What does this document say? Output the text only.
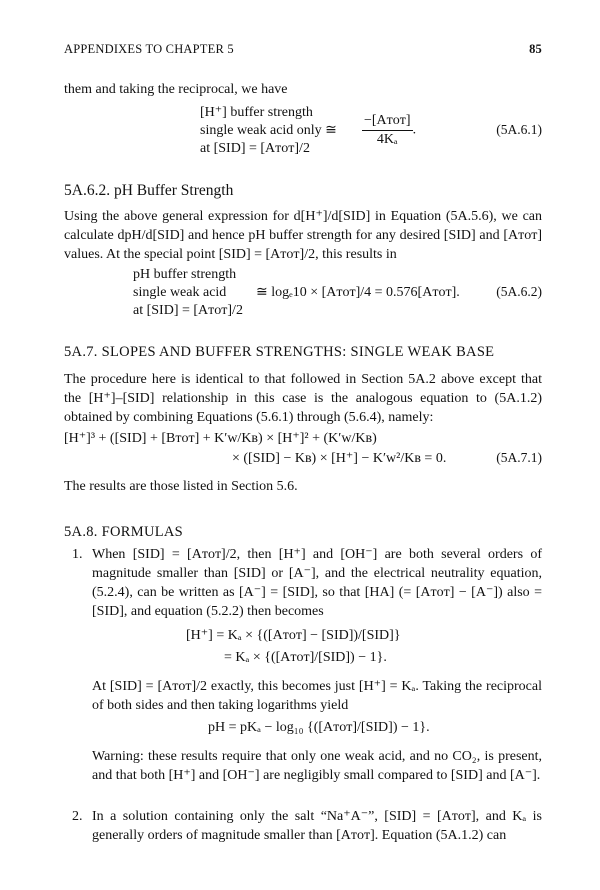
APPENDIXES TO CHAPTER 5	85
them and taking the reciprocal, we have
[H⁺] buffer strength
single weak acid only ≅
at [SID] = [Aᴛᴏᴛ]/2	$\frac{\text{−[Aᴛᴏᴛ]}}{\text{4Kₐ}}$ .	(5A.6.1)
5A.6.2. pH Buffer Strength
Using the above general expression for d[H⁺]/d[SID] in Equation (5A.5.6), we can calculate dpH/d[SID] and hence pH buffer strength for any desired [SID] and [Aᴛᴏᴛ] values. At the special point [SID] = [Aᴛᴏᴛ]/2, this results in
pH buffer strength
single weak acid
at [SID] = [Aᴛᴏᴛ]/2
≅ logₑ10 × [Aᴛᴏᴛ]/4 = 0.576[Aᴛᴏᴛ].	(5A.6.2)
5A.7. SLOPES AND BUFFER STRENGTHS: SINGLE WEAK BASE
The procedure here is identical to that followed in Section 5A.2 above except that the [H⁺]–[SID] relationship in this case is the analogous equation to (5A.1.2) obtained by combining Equations (5.6.1) through (5.6.4), namely:
[H⁺]³ + ([SID] + [Bᴛᴏᴛ] + K′w/Kʙ) × [H⁺]² + (K′w/Kʙ)
× ([SID] − Kʙ) × [H⁺] − K′w²/Kʙ = 0.	(5A.7.1)
The results are those listed in Section 5.6.
5A.8. FORMULAS
1. When [SID] = [Aᴛᴏᴛ]/2, then [H⁺] and [OH⁻] are both several orders of magnitude smaller than [SID] or [A⁻], and the electrical neutrality equation, (5.2.4), can be written as [A⁻] = [SID], so that [HA] (= [Aᴛᴏᴛ] − [A⁻]) also = [SID], and equation (5.2.2) then becomes
[H⁺] = Kₐ × {([Aᴛᴏᴛ] − [SID])/[SID]}
= Kₐ × {([Aᴛᴏᴛ]/[SID]) − 1}.
At [SID] = [Aᴛᴏᴛ]/2 exactly, this becomes just [H⁺] = Kₐ. Taking the reciprocal of both sides and then taking logarithms yield
pH = pKₐ − log₁₀ {([Aᴛᴏᴛ]/[SID]) − 1}.
Warning: these results require that only one weak acid, and no CO₂, is present, and that both [H⁺] and [OH⁻] are negligibly small compared to [SID] and [A⁻].
2. In a solution containing only the salt “Na⁺A⁻”, [SID] = [Aᴛᴏᴛ], and Kₐ is generally orders of magnitude smaller than [Aᴛᴏᴛ]. Equation (5A.1.2) can
